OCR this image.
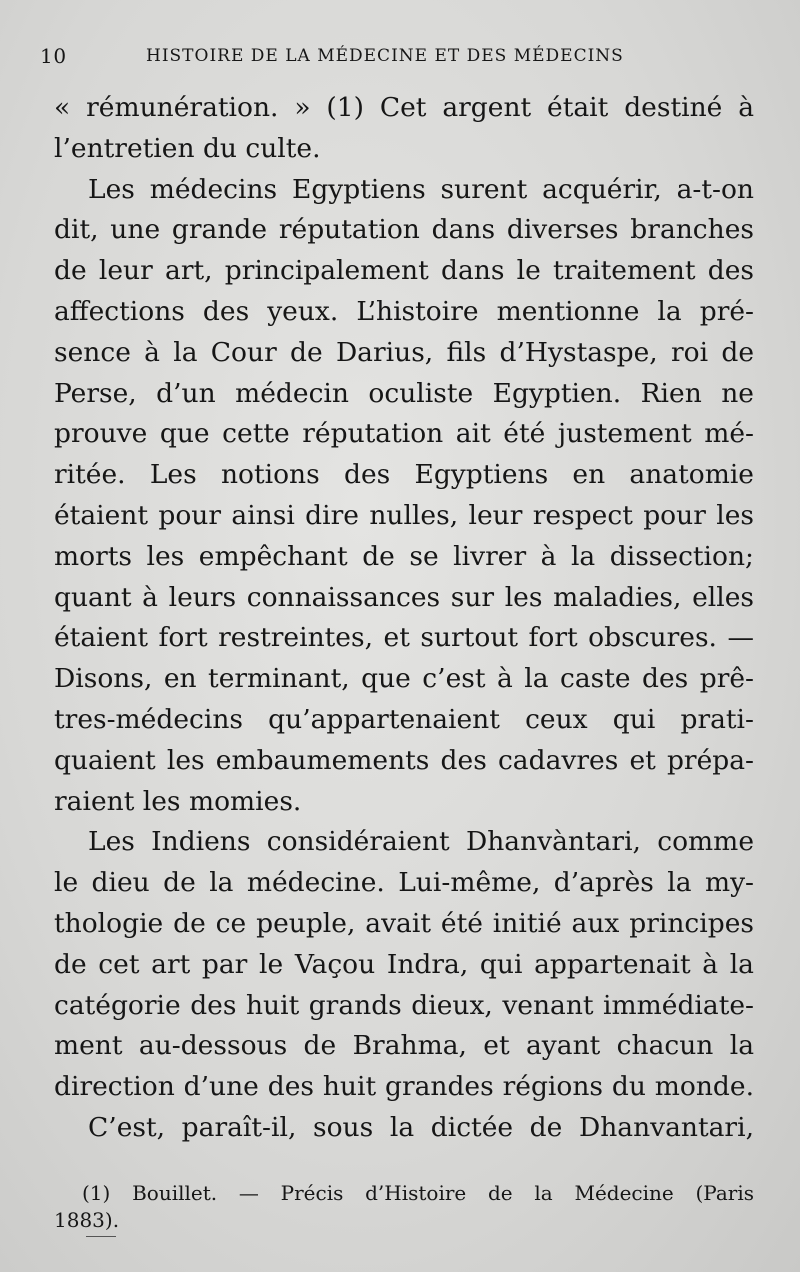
10	HISTOIRE DE LA MÉDECINE ET DES MÉDECINS
« rémunération. » (1) Cet argent était destiné à
l’entretien du culte.
Les médecins Egyptiens surent acquérir, a-t-on
dit, une grande réputation dans diverses branches
de leur art, principalement dans le traitement des
affections des yeux. L’histoire mentionne la pré-
sence à la Cour de Darius, fils d’Hystaspe, roi de
Perse, d’un médecin oculiste Egyptien. Rien ne
prouve que cette réputation ait été justement mé-
ritée. Les notions des Egyptiens en anatomie
étaient pour ainsi dire nulles, leur respect pour les
morts les empêchant de se livrer à la dissection;
quant à leurs connaissances sur les maladies, elles
étaient fort restreintes, et surtout fort obscures. —
Disons, en terminant, que c’est à la caste des prê-
tres-médecins qu’appartenaient ceux qui prati-
quaient les embaumements des cadavres et prépa-
raient les momies.
Les Indiens considéraient Dhanvàntari, comme
le dieu de la médecine. Lui-même, d’après la my-
thologie de ce peuple, avait été initié aux principes
de cet art par le Vaçou Indra, qui appartenait à la
catégorie des huit grands dieux, venant immédiate-
ment au-dessous de Brahma, et ayant chacun la
direction d’une des huit grandes régions du monde.
C’est, paraît-il, sous la dictée de Dhanvantari,
(1) Bouillet. — Précis d’Histoire de la Médecine (Paris
1883).
